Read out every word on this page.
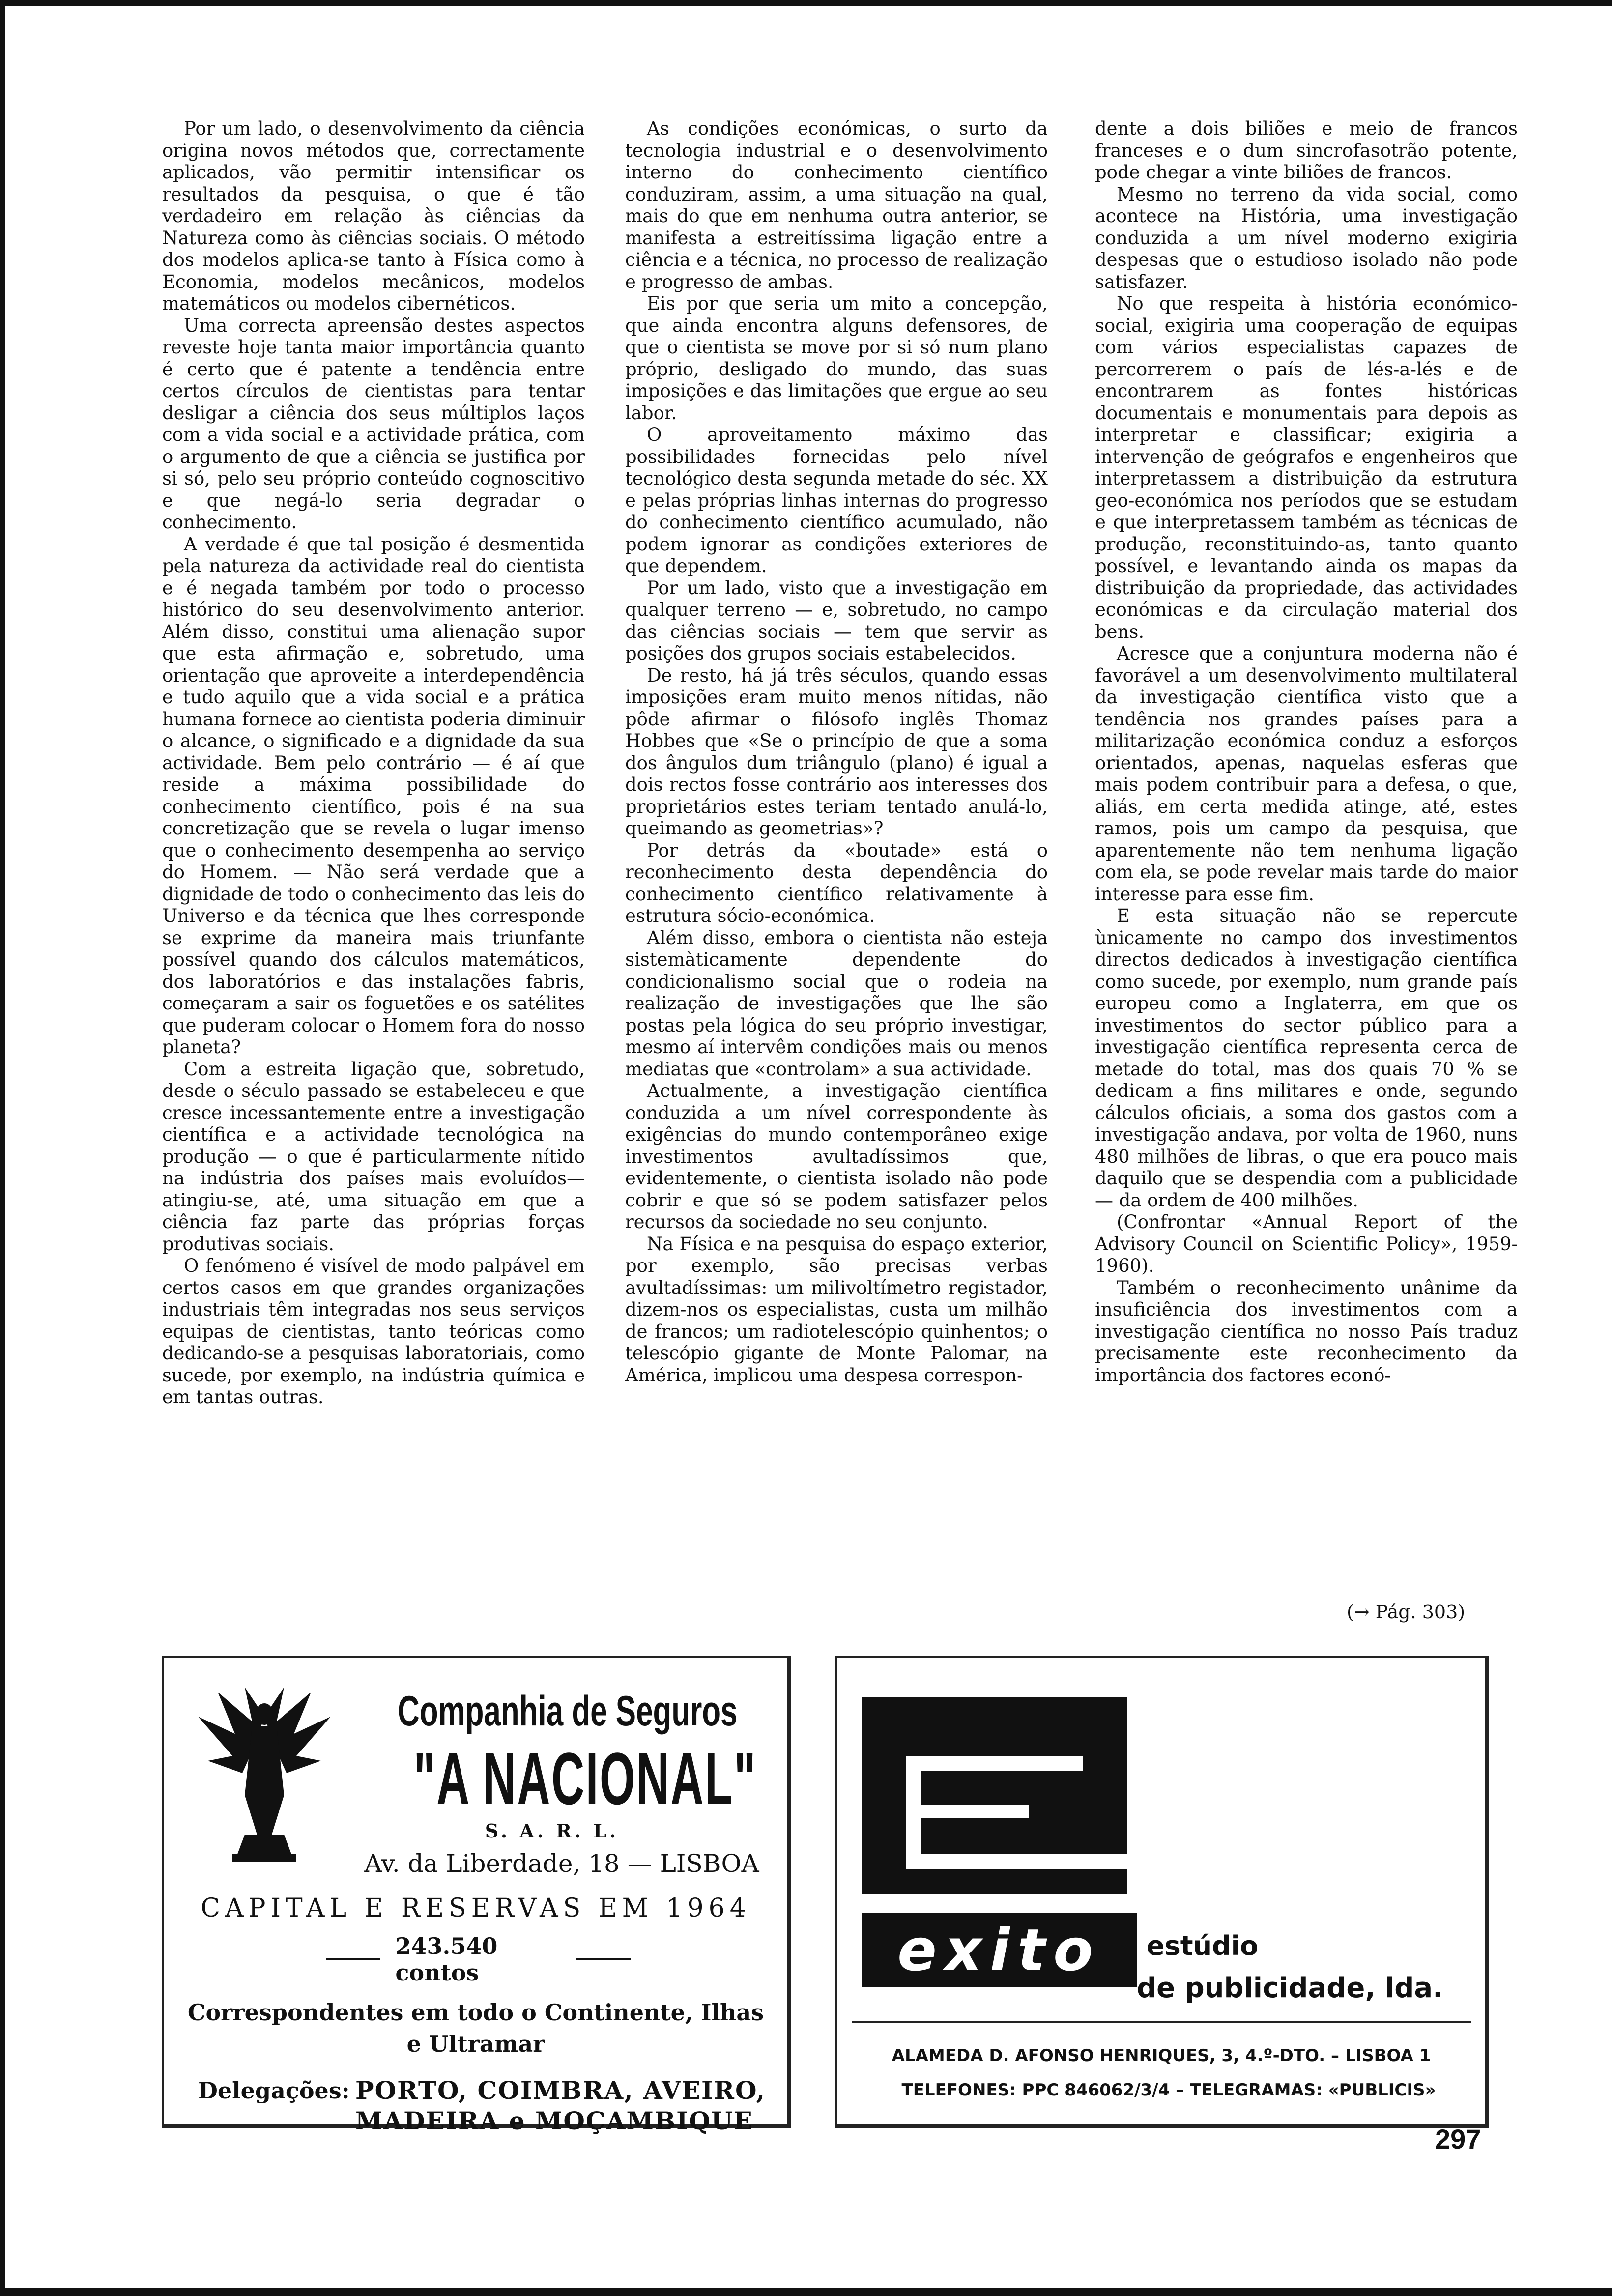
Por um lado, o desenvolvimento da ciência origina novos métodos que, correctamente aplicados, vão permitir intensificar os resultados da pesquisa, o que é tão verdadeiro em relação às ciências da Natureza como às ciências sociais. O método dos modelos aplica-se tanto à Física como à Economia, modelos mecânicos, modelos matemáticos ou modelos cibernéticos.

Uma correcta apreensão destes aspectos reveste hoje tanta maior importância quanto é certo que é patente a tendência entre certos círculos de cientistas para tentar desligar a ciência dos seus múltiplos laços com a vida social e a actividade prática, com o argumento de que a ciência se justifica por si só, pelo seu próprio conteúdo cognoscitivo e que negá-lo seria degradar o conhecimento.

A verdade é que tal posição é desmentida pela natureza da actividade real do cientista e é negada também por todo o processo histórico do seu desenvolvimento anterior. Além disso, constitui uma alienação supor que esta afirmação e, sobretudo, uma orientação que aproveite a interdependência e tudo aquilo que a vida social e a prática humana fornece ao cientista poderia diminuir o alcance, o significado e a dignidade da sua actividade. Bem pelo contrário — é aí que reside a máxima possibilidade do conhecimento científico, pois é na sua concretização que se revela o lugar imenso que o conhecimento desempenha ao serviço do Homem. — Não será verdade que a dignidade de todo o conhecimento das leis do Universo e da técnica que lhes corresponde se exprime da maneira mais triunfante possível quando dos cálculos matemáticos, dos laboratórios e das instalações fabris, começaram a sair os foguetões e os satélites que puderam colocar o Homem fora do nosso planeta?

Com a estreita ligação que, sobretudo, desde o século passado se estabeleceu e que cresce incessantemente entre a investigação científica e a actividade tecnológica na produção — o que é particularmente nítido na indústria dos países mais evoluídos—atingiu-se, até, uma situação em que a ciência faz parte das próprias forças produtivas sociais.

O fenómeno é visível de modo palpável em certos casos em que grandes organizações industriais têm integradas nos seus serviços equipas de cientistas, tanto teóricas como dedicando-se a pesquisas laboratoriais, como sucede, por exemplo, na indústria química e em tantas outras.

As condições económicas, o surto da tecnologia industrial e o desenvolvimento interno do conhecimento científico conduziram, assim, a uma situação na qual, mais do que em nenhuma outra anterior, se manifesta a estreitíssima ligação entre a ciência e a técnica, no processo de realização e progresso de ambas.

Eis por que seria um mito a concepção, que ainda encontra alguns defensores, de que o cientista se move por si só num plano próprio, desligado do mundo, das suas imposições e das limitações que ergue ao seu labor.

O aproveitamento máximo das possibilidades fornecidas pelo nível tecnológico desta segunda metade do séc. XX e pelas próprias linhas internas do progresso do conhecimento científico acumulado, não podem ignorar as condições exteriores de que dependem.

Por um lado, visto que a investigação em qualquer terreno — e, sobretudo, no campo das ciências sociais — tem que servir as posições dos grupos sociais estabelecidos.

De resto, há já três séculos, quando essas imposições eram muito menos nítidas, não pôde afirmar o filósofo inglês Thomaz Hobbes que «Se o princípio de que a soma dos ângulos dum triângulo (plano) é igual a dois rectos fosse contrário aos interesses dos proprietários estes teriam tentado anulá-lo, queimando as geometrias»?

Por detrás da «boutade» está o reconhecimento desta dependência do conhecimento científico relativamente à estrutura sócio-económica.

Além disso, embora o cientista não esteja sistemàticamente dependente do condicionalismo social que o rodeia na realização de investigações que lhe são postas pela lógica do seu próprio investigar, mesmo aí intervêm condições mais ou menos mediatas que «controlam» a sua actividade.

Actualmente, a investigação científica conduzida a um nível correspondente às exigências do mundo contemporâneo exige investimentos avultadíssimos que, evidentemente, o cientista isolado não pode cobrir e que só se podem satisfazer pelos recursos da sociedade no seu conjunto.

Na Física e na pesquisa do espaço exterior, por exemplo, são precisas verbas avultadíssimas: um milivoltímetro registador, dizem-nos os especialistas, custa um milhão de francos; um radiotelescópio quinhentos; o telescópio gigante de Monte Palomar, na América, implicou uma despesa correspon-

dente a dois biliões e meio de francos franceses e o dum sincrofasotrão potente, pode chegar a vinte biliões de francos.

Mesmo no terreno da vida social, como acontece na História, uma investigação conduzida a um nível moderno exigiria despesas que o estudioso isolado não pode satisfazer.

No que respeita à história económico-social, exigiria uma cooperação de equipas com vários especialistas capazes de percorrerem o país de lés-a-lés e de encontrarem as fontes históricas documentais e monumentais para depois as interpretar e classificar; exigiria a intervenção de geógrafos e engenheiros que interpretassem a distribuição da estrutura geo-económica nos períodos que se estudam e que interpretassem também as técnicas de produção, reconstituindo-as, tanto quanto possível, e levantando ainda os mapas da distribuição da propriedade, das actividades económicas e da circulação material dos bens.

Acresce que a conjuntura moderna não é favorável a um desenvolvimento multilateral da investigação científica visto que a tendência nos grandes países para a militarização económica conduz a esforços orientados, apenas, naquelas esferas que mais podem contribuir para a defesa, o que, aliás, em certa medida atinge, até, estes ramos, pois um campo da pesquisa, que aparentemente não tem nenhuma ligação com ela, se pode revelar mais tarde do maior interesse para esse fim.

E esta situação não se repercute ùnicamente no campo dos investimentos directos dedicados à investigação científica como sucede, por exemplo, num grande país europeu como a Inglaterra, em que os investimentos do sector público para a investigação científica representa cerca de metade do total, mas dos quais 70 % se dedicam a fins militares e onde, segundo cálculos oficiais, a soma dos gastos com a investigação andava, por volta de 1960, nuns 480 milhões de libras, o que era pouco mais daquilo que se despendia com a publicidade — da ordem de 400 milhões.

(Confrontar «Annual Report of the Advisory Council on Scientific Policy», 1959-1960).

Também o reconhecimento unânime da insuficiência dos investimentos com a investigação científica no nosso País traduz precisamente este reconhecimento da importância dos factores econó-

(→ Pág. 303)
Companhia de Seguros
"A NACIONAL"
S. A. R. L.
Av. da Liberdade, 18 — LISBOA
CAPITAL E RESERVAS EM 1964
243.540 contos
Correspondentes em todo o Continente, Ilhas e Ultramar
Delegações: PORTO, COIMBRA, AVEIRO, MADEIRA e MOÇAMBIQUE
exito	estúdio
de publicidade, lda.
ALAMEDA D. AFONSO HENRIQUES, 3, 4.º-DTO. – LISBOA 1
TELEFONES: PPC 846062/3/4 – TELEGRAMAS: «PUBLICIS»
297
